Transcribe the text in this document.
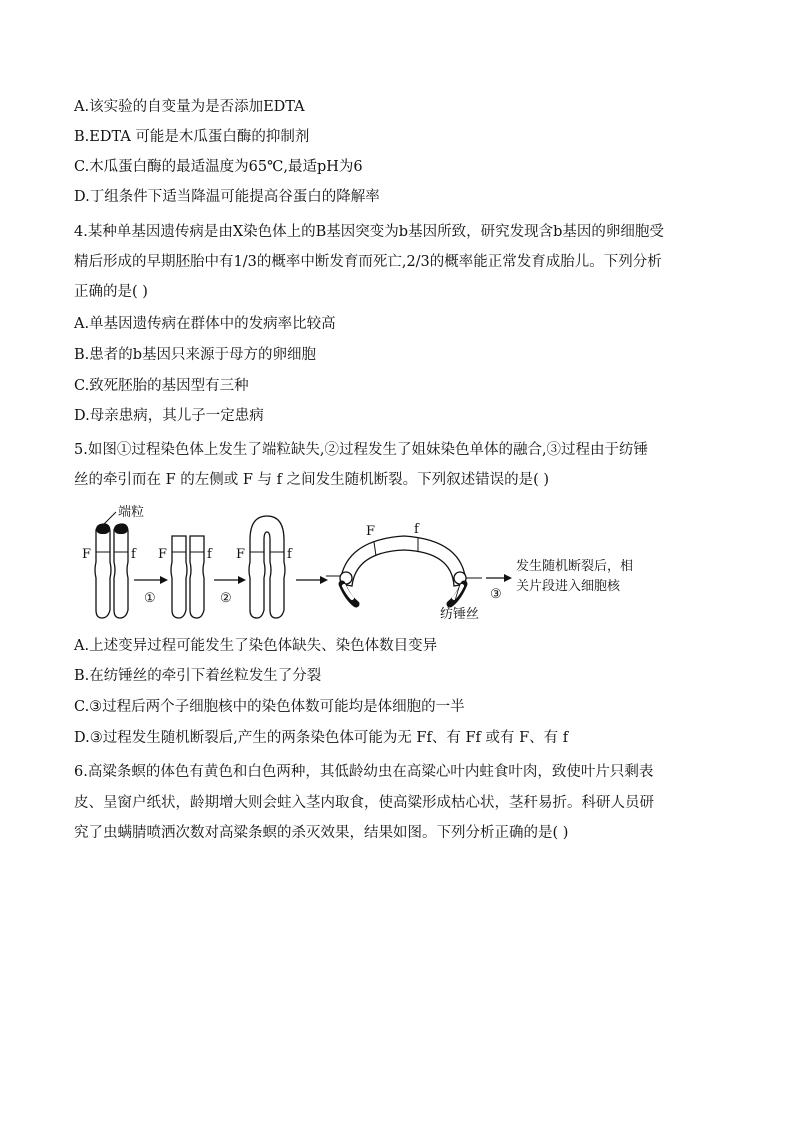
A.该实验的自变量为是否添加EDTA
B.EDTA 可能是木瓜蛋白酶的抑制剂
C.木瓜蛋白酶的最适温度为65℃,最适pH为6
D.丁组条件下适当降温可能提高谷蛋白的降解率
4.某种单基因遗传病是由X染色体上的B基因突变为b基因所致，研究发现含b基因的卵细胞受
精后形成的早期胚胎中有1/3的概率中断发育而死亡,2/3的概率能正常发育成胎儿。下列分析
正确的是( )
A.单基因遗传病在群体中的发病率比较高
B.患者的b基因只来源于母方的卵细胞
C.致死胚胎的基因型有三种
D.母亲患病，其儿子一定患病
5.如图①过程染色体上发生了端粒缺失,②过程发生了姐妹染色单体的融合,③过程由于纺锤
丝的牵引而在 F 的左侧或 F 与 f 之间发生随机断裂。下列叙述错误的是( )
端粒
F	f
①
F	f
②
F	f
F	f
纺锤丝
③
发生随机断裂后，相
关片段进入细胞核
A.上述变异过程可能发生了染色体缺失、染色体数目变异
B.在纺锤丝的牵引下着丝粒发生了分裂
C.③过程后两个子细胞核中的染色体数可能均是体细胞的一半
D.③过程发生随机断裂后,产生的两条染色体可能为无 Ff、有 Ff 或有 F、有 f
6.高粱条螟的体色有黄色和白色两种，其低龄幼虫在高粱心叶内蛀食叶肉，致使叶片只剩表
皮、呈窗户纸状，龄期增大则会蛀入茎内取食，使高粱形成枯心状，茎秆易折。科研人员研
究了虫螨腈喷洒次数对高粱条螟的杀灭效果，结果如图。下列分析正确的是( )
